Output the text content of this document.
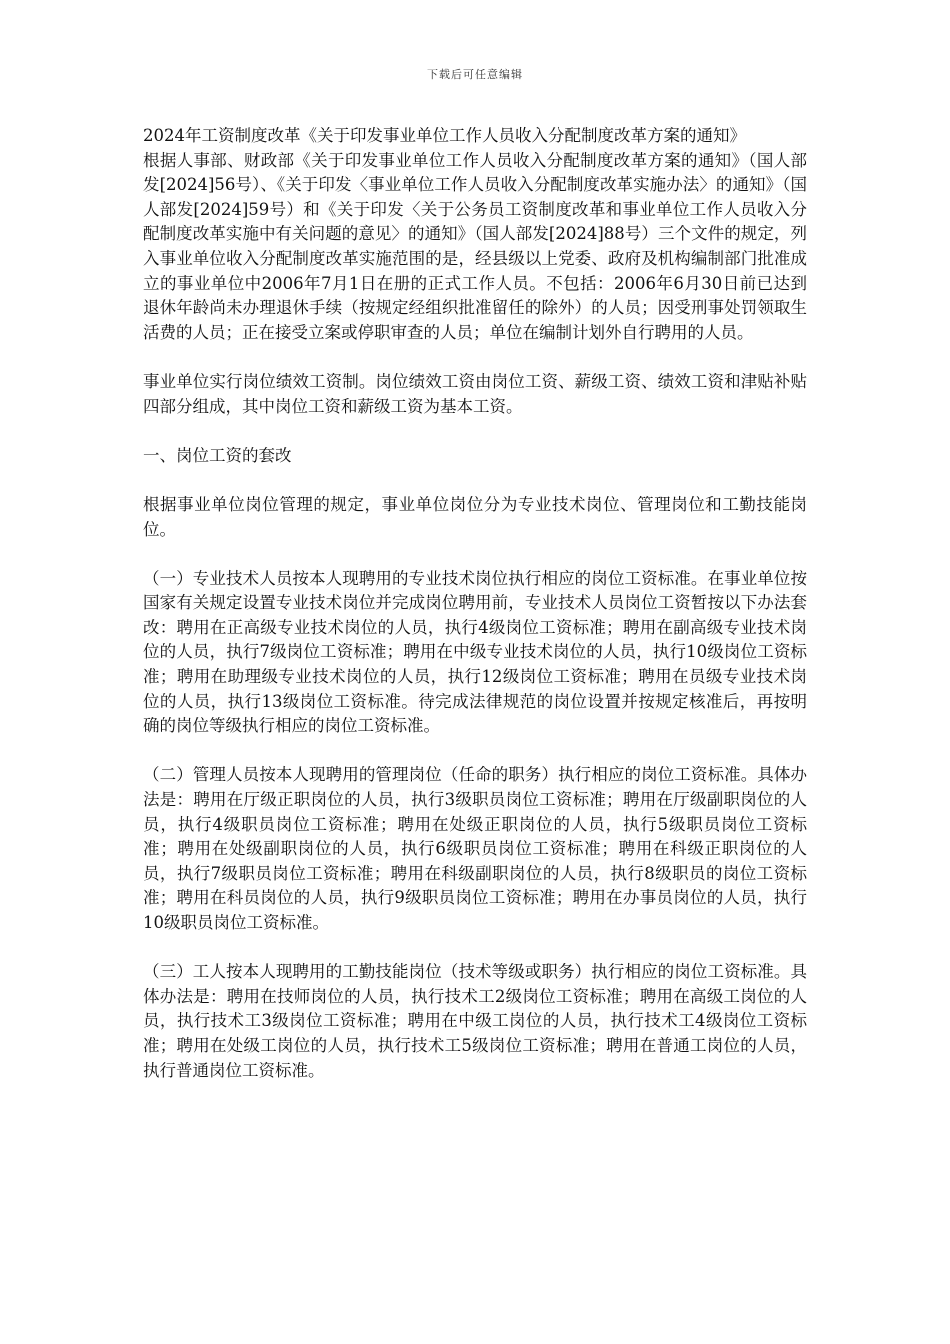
下载后可任意编辑

2024年工资制度改革《关于印发事业单位工作人员收入分配制度改革方案的通知》

根据人事部、财政部《关于印发事业单位工作人员收入分配制度改革方案的通知》（国人部发[2024]56号）、《关于印发〈事业单位工作人员收入分配制度改革实施办法〉的通知》（国人部发[2024]59号）和《关于印发〈关于公务员工资制度改革和事业单位工作人员收入分配制度改革实施中有关问题的意见〉的通知》（国人部发[2024]88号）三个文件的规定，列入事业单位收入分配制度改革实施范围的是，经县级以上党委、政府及机构编制部门批准成立的事业单位中2006年7月1日在册的正式工作人员。不包括：2006年6月30日前已达到退休年龄尚未办理退休手续（按规定经组织批准留任的除外）的人员；因受刑事处罚领取生活费的人员；正在接受立案或停职审查的人员；单位在编制计划外自行聘用的人员。

事业单位实行岗位绩效工资制。岗位绩效工资由岗位工资、薪级工资、绩效工资和津贴补贴四部分组成，其中岗位工资和薪级工资为基本工资。

一、岗位工资的套改

根据事业单位岗位管理的规定，事业单位岗位分为专业技术岗位、管理岗位和工勤技能岗位。

（一）专业技术人员按本人现聘用的专业技术岗位执行相应的岗位工资标准。在事业单位按国家有关规定设置专业技术岗位并完成岗位聘用前，专业技术人员岗位工资暂按以下办法套改：聘用在正高级专业技术岗位的人员，执行4级岗位工资标准；聘用在副高级专业技术岗位的人员，执行7级岗位工资标准；聘用在中级专业技术岗位的人员，执行10级岗位工资标准；聘用在助理级专业技术岗位的人员，执行12级岗位工资标准；聘用在员级专业技术岗位的人员，执行13级岗位工资标准。待完成法律规范的岗位设置并按规定核准后，再按明确的岗位等级执行相应的岗位工资标准。

（二）管理人员按本人现聘用的管理岗位（任命的职务）执行相应的岗位工资标准。具体办法是：聘用在厅级正职岗位的人员，执行3级职员岗位工资标准；聘用在厅级副职岗位的人员，执行4级职员岗位工资标准；聘用在处级正职岗位的人员，执行5级职员岗位工资标准；聘用在处级副职岗位的人员，执行6级职员岗位工资标准；聘用在科级正职岗位的人员，执行7级职员岗位工资标准；聘用在科级副职岗位的人员，执行8级职员的岗位工资标准；聘用在科员岗位的人员，执行9级职员岗位工资标准；聘用在办事员岗位的人员，执行10级职员岗位工资标准。

（三）工人按本人现聘用的工勤技能岗位（技术等级或职务）执行相应的岗位工资标准。具体办法是：聘用在技师岗位的人员，执行技术工2级岗位工资标准；聘用在高级工岗位的人员，执行技术工3级岗位工资标准；聘用在中级工岗位的人员，执行技术工4级岗位工资标准；聘用在处级工岗位的人员，执行技术工5级岗位工资标准；聘用在普通工岗位的人员，执行普通岗位工资标准。
